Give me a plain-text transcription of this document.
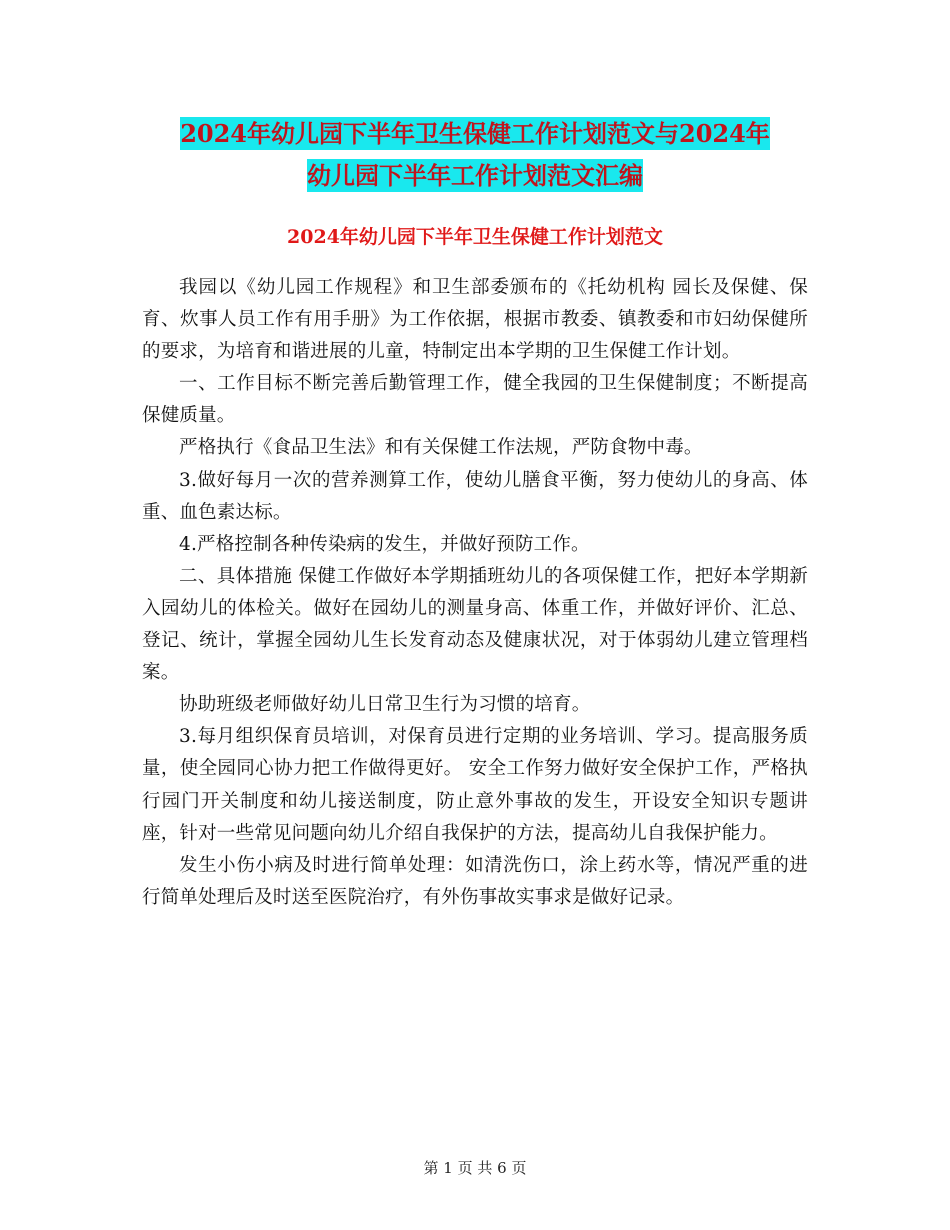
2024年幼儿园下半年卫生保健工作计划范文与2024年
幼儿园下半年工作计划范文汇编
2024年幼儿园下半年卫生保健工作计划范文

我园以《幼儿园工作规程》和卫生部委颁布的《托幼机构 园长及保健、保育、炊事人员工作有用手册》为工作依据，根据市教委、镇教委和市妇幼保健所的要求，为培育和谐进展的儿童，特制定出本学期的卫生保健工作计划。

一、工作目标不断完善后勤管理工作，健全我园的卫生保健制度；不断提高保健质量。

严格执行《食品卫生法》和有关保健工作法规，严防食物中毒。

3.做好每月一次的营养测算工作，使幼儿膳食平衡，努力使幼儿的身高、体重、血色素达标。

4.严格控制各种传染病的发生，并做好预防工作。

二、具体措施 保健工作做好本学期插班幼儿的各项保健工作，把好本学期新入园幼儿的体检关。做好在园幼儿的测量身高、体重工作，并做好评价、汇总、登记、统计，掌握全园幼儿生长发育动态及健康状况，对于体弱幼儿建立管理档案。

协助班级老师做好幼儿日常卫生行为习惯的培育。

3.每月组织保育员培训，对保育员进行定期的业务培训、学习。提高服务质量，使全园同心协力把工作做得更好。 安全工作努力做好安全保护工作，严格执行园门开关制度和幼儿接送制度，防止意外事故的发生，开设安全知识专题讲座，针对一些常见问题向幼儿介绍自我保护的方法，提高幼儿自我保护能力。

发生小伤小病及时进行简单处理：如清洗伤口，涂上药水等，情况严重的进行简单处理后及时送至医院治疗，有外伤事故实事求是做好记录。

第 1 页 共 6 页
